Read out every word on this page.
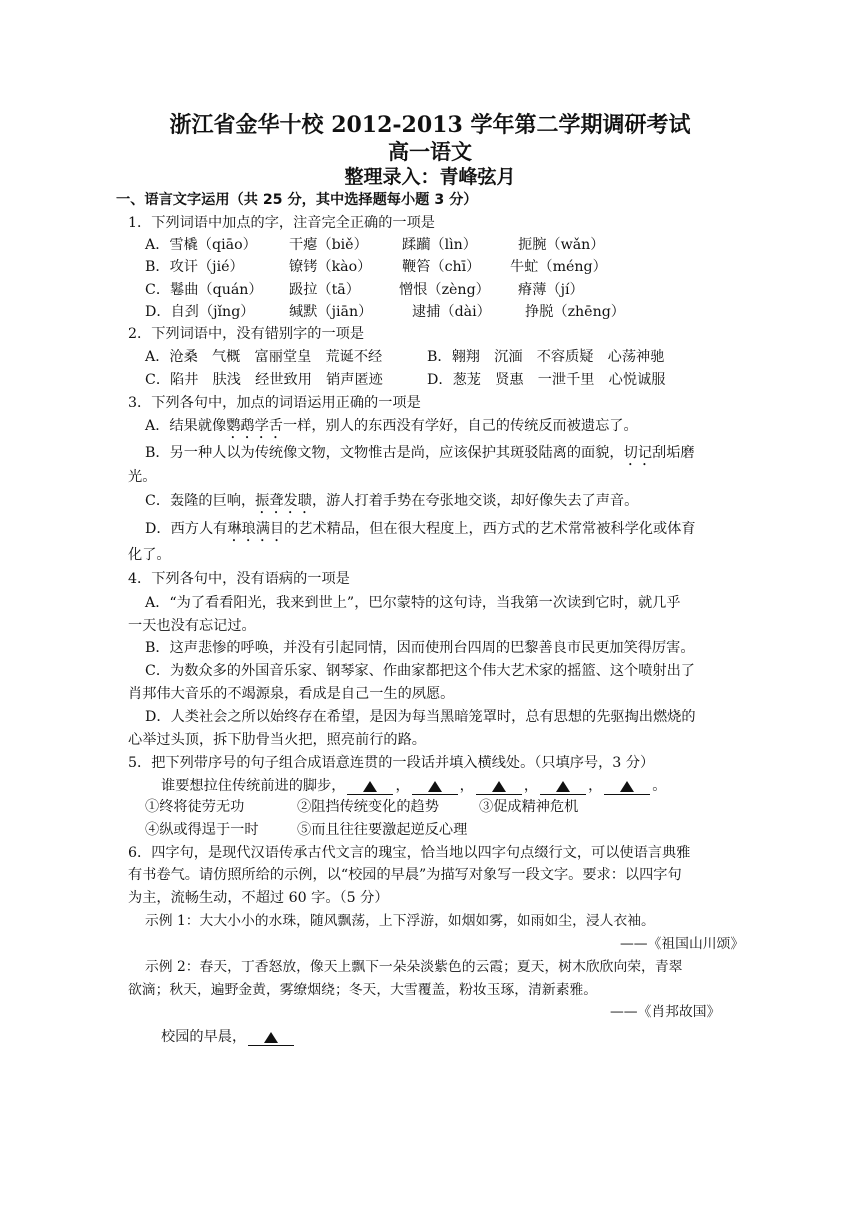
浙江省金华十校 2012-2013 学年第二学期调研考试
高一语文
整理录入：青峰弦月
一、语言文字运用（共 25 分，其中选择题每小题 3 分）
1．下列词语中加点的字，注音完全正确的一项是
A．雪橇（qiāo） 干瘪（biě） 蹂躏（lìn）	扼腕（wǎn）
B．攻讦（jié）	镣铐（kào） 鞭笞（chī） 牛虻（méng）
C．鬈曲（quán） 趿拉（tā）	憎恨（zèng） 瘠薄（jí）
D．自刭（jǐng） 缄默（jiān）	逮捕（dài） 挣脱（zhēng）
2．下列词语中，没有错别字的一项是
A．沧桑　气概　富丽堂皇　荒诞不经	B．翱翔　沉湎　不容质疑　心荡神驰
C．陷井　肤浅　经世致用　销声匿迹	D．葱茏　贤惠　一泄千里　心悦诚服
3．下列各句中，加点的词语运用正确的一项是
A．结果就像鹦鹉学舌一样，别人的东西没有学好，自己的传统反而被遗忘了。
B．另一种人以为传统像文物，文物惟古是尚，应该保护其斑驳陆离的面貌，切记刮垢磨
光。
C．轰隆的巨响，振聋发聩，游人打着手势在夸张地交谈，却好像失去了声音。
D．西方人有琳琅满目的艺术精品，但在很大程度上，西方式的艺术常常被科学化或体育
化了。
4．下列各句中，没有语病的一项是
A．“为了看看阳光，我来到世上”，巴尔蒙特的这句诗，当我第一次读到它时，就几乎
一天也没有忘记过。
B．这声悲惨的呼唤，并没有引起同情，因而使刑台四周的巴黎善良市民更加笑得厉害。
C．为数众多的外国音乐家、钢琴家、作曲家都把这个伟大艺术家的摇篮、这个喷射出了
肖邦伟大音乐的不竭源泉，看成是自己一生的夙愿。
D．人类社会之所以始终存在希望，是因为每当黑暗笼罩时，总有思想的先驱掏出燃烧的
心举过头顶，拆下肋骨当火把，照亮前行的路。
5．把下列带序号的句子组合成语意连贯的一段话并填入横线处。（只填序号，3 分）
谁要想拉住传统前进的脚步，	，	，	，	，	。
①终将徒劳无功	②阻挡传统变化的趋势	③促成精神危机
④纵或得逞于一时	⑤而且往往要激起逆反心理
6．四字句，是现代汉语传承古代文言的瑰宝，恰当地以四字句点缀行文，可以使语言典雅
有书卷气。请仿照所给的示例，以“校园的早晨”为描写对象写一段文字。要求：以四字句
为主，流畅生动，不超过 60 字。（5 分）
示例 1：大大小小的水珠，随风飘荡，上下浮游，如烟如雾，如雨如尘，浸人衣袖。
——《祖国山川颂》
示例 2：春天，丁香怒放，像天上飘下一朵朵淡紫色的云霞；夏天，树木欣欣向荣，青翠
欲滴；秋天，遍野金黄，雾缭烟绕；冬天，大雪覆盖，粉妆玉琢，清新素雅。
——《肖邦故国》
校园的早晨，
